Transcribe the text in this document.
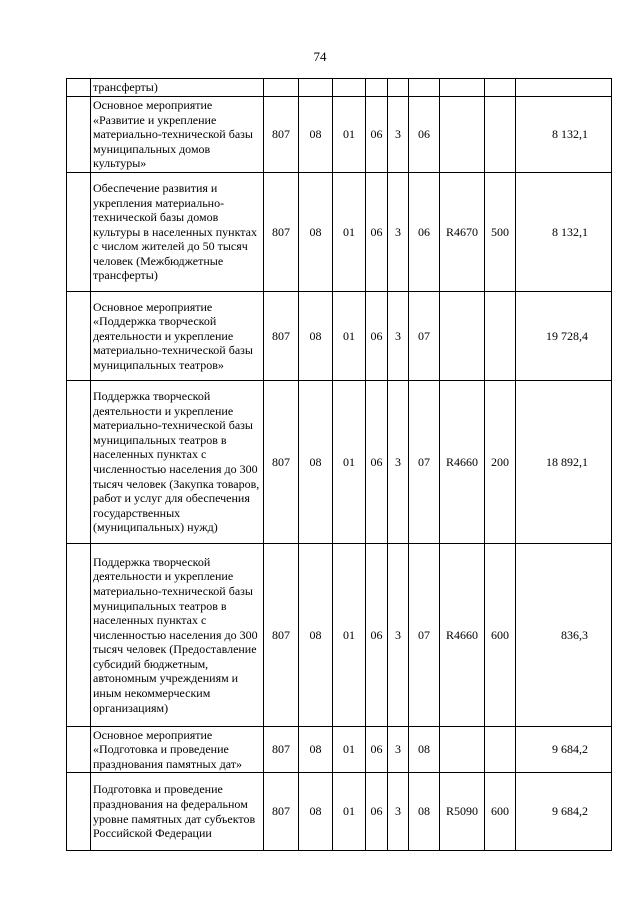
74
	трансферты)									
	Основное мероприятие «Развитие и укрепление материально-технической базы муниципальных домов культуры»	807	08	01	06	3	06			8 132,1
	Обеспечение развития и укрепления материально-технической базы домов культуры в населенных пунктах с числом жителей до 50 тысяч человек (Межбюджетные трансферты)	807	08	01	06	3	06	R4670	500	8 132,1
	Основное мероприятие «Поддержка творческой деятельности и укрепление материально-технической базы муниципальных театров»	807	08	01	06	3	07			19 728,4
	Поддержка творческой деятельности и укрепление материально-технической базы муниципальных театров в населенных пунктах с численностью населения до 300 тысяч человек (Закупка товаров, работ и услуг для обеспечения государственных (муниципальных) нужд)	807	08	01	06	3	07	R4660	200	18 892,1
	Поддержка творческой деятельности и укрепление материально-технической базы муниципальных театров в населенных пунктах с численностью населения до 300 тысяч человек (Предоставление субсидий бюджетным, автономным учреждениям и иным некоммерческим организациям)	807	08	01	06	3	07	R4660	600	836,3
	Основное мероприятие «Подготовка и проведение празднования памятных дат»	807	08	01	06	3	08			9 684,2
	Подготовка и проведение празднования на федеральном уровне памятных дат субъектов Российской Федерации	807	08	01	06	3	08	R5090	600	9 684,2
